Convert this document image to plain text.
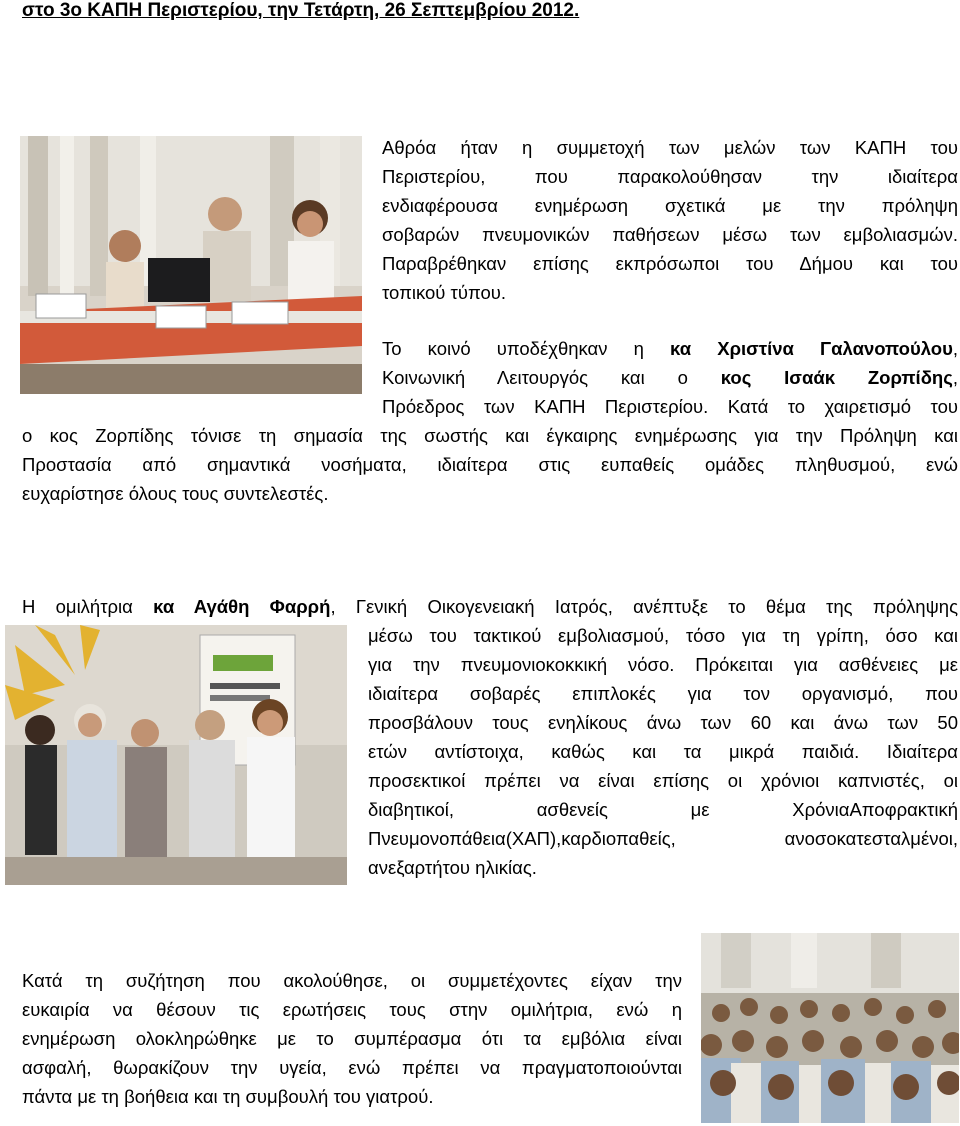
στο 3ο ΚΑΠΗ Περιστερίου, την Τετάρτη, 26 Σεπτεμβρίου 2012.
Αθρόα ήταν η συμμετοχή των μελών των ΚΑΠΗ του
Περιστερίου, που παρακολούθησαν την ιδιαίτερα
ενδιαφέρουσα ενημέρωση σχετικά με την πρόληψη
σοβαρών πνευμονικών παθήσεων μέσω των εμβολιασμών.
Παραβρέθηκαν επίσης εκπρόσωποι του Δήμου και του
τοπικού τύπου.
Το κοινό υποδέχθηκαν η κα Χριστίνα Γαλανοπούλου,
Κοινωνική Λειτουργός και ο κος Ισαάκ Ζορπίδης,
Πρόεδρος των ΚΑΠΗ Περιστερίου. Κατά το χαιρετισμό του
ο κος Ζορπίδης τόνισε τη σημασία της σωστής και έγκαιρης ενημέρωσης για την Πρόληψη και
Προστασία από σημαντικά νοσήματα, ιδιαίτερα στις ευπαθείς ομάδες πληθυσμού, ενώ
ευχαρίστησε όλους τους συντελεστές.
Η ομιλήτρια κα Αγάθη Φαρρή, Γενική Οικογενειακή Ιατρός, ανέπτυξε το θέμα της πρόληψης
μέσω του τακτικού εμβολιασμού, τόσο για τη γρίπη, όσο και
για την πνευμονιοκοκκική νόσο. Πρόκειται για ασθένειες με
ιδιαίτερα σοβαρές επιπλοκές για τον οργανισμό, που
προσβάλουν τους ενηλίκους άνω των 60 και άνω των 50
ετών αντίστοιχα, καθώς και τα μικρά παιδιά. Ιδιαίτερα
προσεκτικοί πρέπει να είναι επίσης οι χρόνιοι καπνιστές, οι
διαβητικοί, ασθενείς με ΧρόνιαΑποφρακτική
Πνευμονοπάθεια(ΧΑΠ),καρδιοπαθείς, ανοσοκατεσταλμένοι,
ανεξαρτήτου ηλικίας.
Κατά τη συζήτηση που ακολούθησε, οι συμμετέχοντες είχαν την
ευκαιρία να θέσουν τις ερωτήσεις τους στην ομιλήτρια, ενώ η
ενημέρωση ολοκληρώθηκε με το συμπέρασμα ότι τα εμβόλια είναι
ασφαλή, θωρακίζουν την υγεία, ενώ πρέπει να πραγματοποιούνται
πάντα με τη βοήθεια και τη συμβουλή του γιατρού.
